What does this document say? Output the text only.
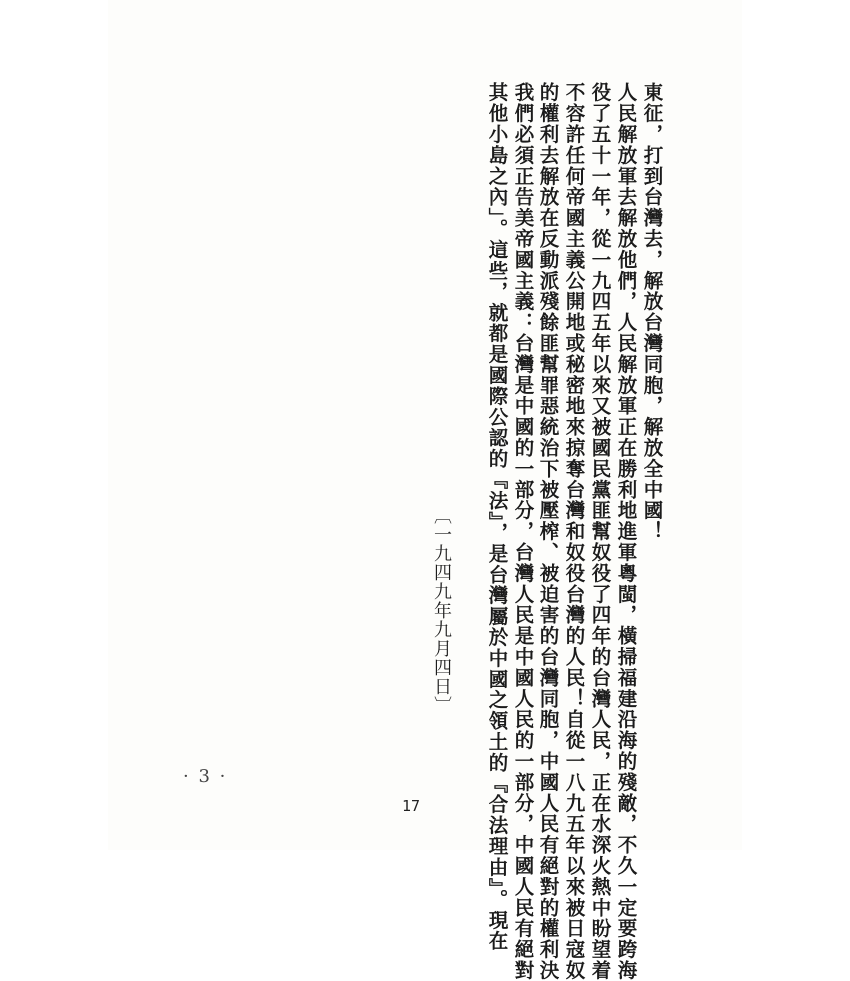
其他小島之內」。這些，就都是國際公認的『法』，是台灣屬於中國之領土的『合法理由』。現在 我們必須正告美帝國主義：台灣是中國的一部分，台灣人民是中國人民的一部分，中國人民有絕對 的權利去解放在反動派殘餘匪幫罪惡統治下被壓榨、被迫害的台灣同胞，中國人民有絕對的權利決 不容許任何帝國主義公開地或秘密地來掠奪台灣和奴役台灣的人民！自從一八九五年以來被日寇奴 役了五十一年，從一九四五年以來又被國民黨匪幫奴役了四年的台灣人民，正在水深火熱中盼望着 人民解放軍去解放他們，人民解放軍正在勝利地進軍粵閩，橫掃福建沿海的殘敵，不久一定要跨海 東征，打到台灣去，解放台灣同胞，解放全中國！
〔一九四九年九月四日〕
· 3 ·
17
